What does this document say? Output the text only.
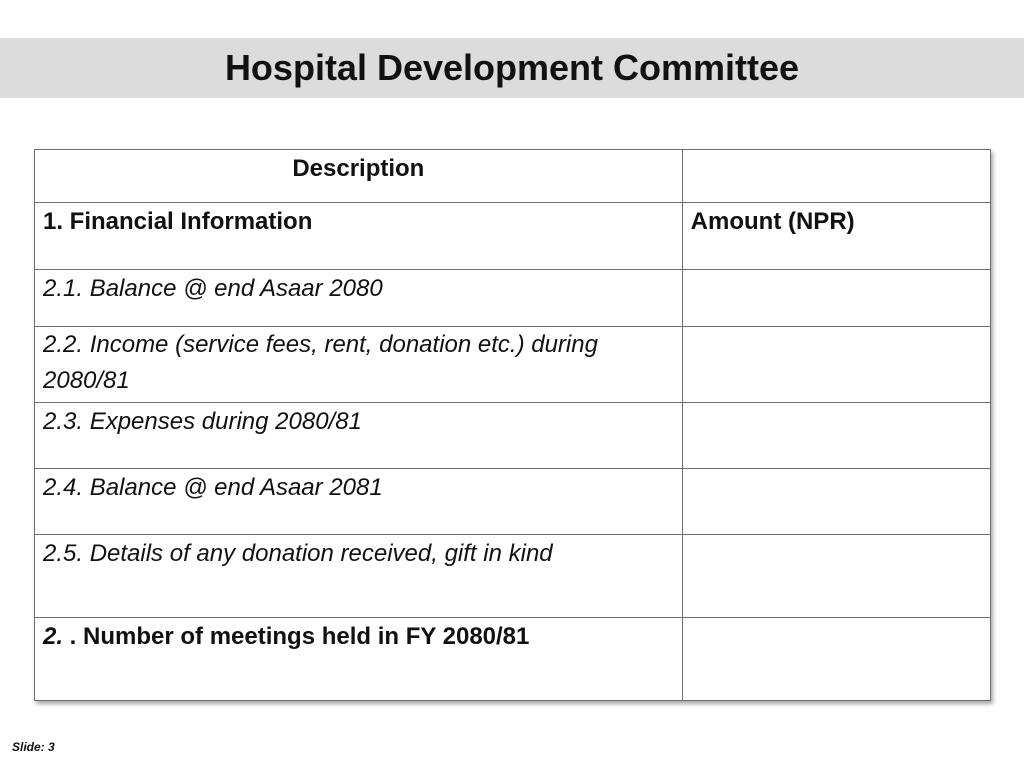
Hospital Development Committee
Description	
1. Financial Information	Amount (NPR)
2.1. Balance @ end Asaar 2080	
2.2. Income (service fees, rent, donation etc.) during 2080/81	
2.3. Expenses during 2080/81	
2.4. Balance @ end Asaar 2081	
2.5. Details of any donation received, gift in kind	
2. . Number of meetings held in FY 2080/81	
Slide: 3
